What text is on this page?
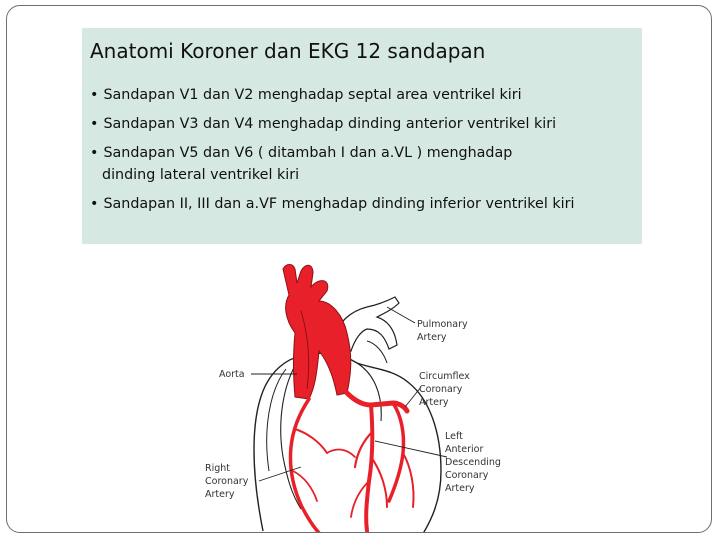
Anatomi Koroner dan EKG 12 sandapan
• Sandapan V1 dan V2 menghadap septal area ventrikel kiri
• Sandapan V3 dan V4 menghadap dinding anterior ventrikel kiri
• Sandapan V5 dan V6 ( ditambah I dan a.VL ) menghadap
dinding lateral ventrikel kiri
• Sandapan II, III dan a.VF menghadap dinding inferior ventrikel kiri
Pulmonary
Artery
Aorta	Circumflex
Coronary
Artery
Left
Anterior
Descending
Coronary
Artery
Right
Coronary
Artery
